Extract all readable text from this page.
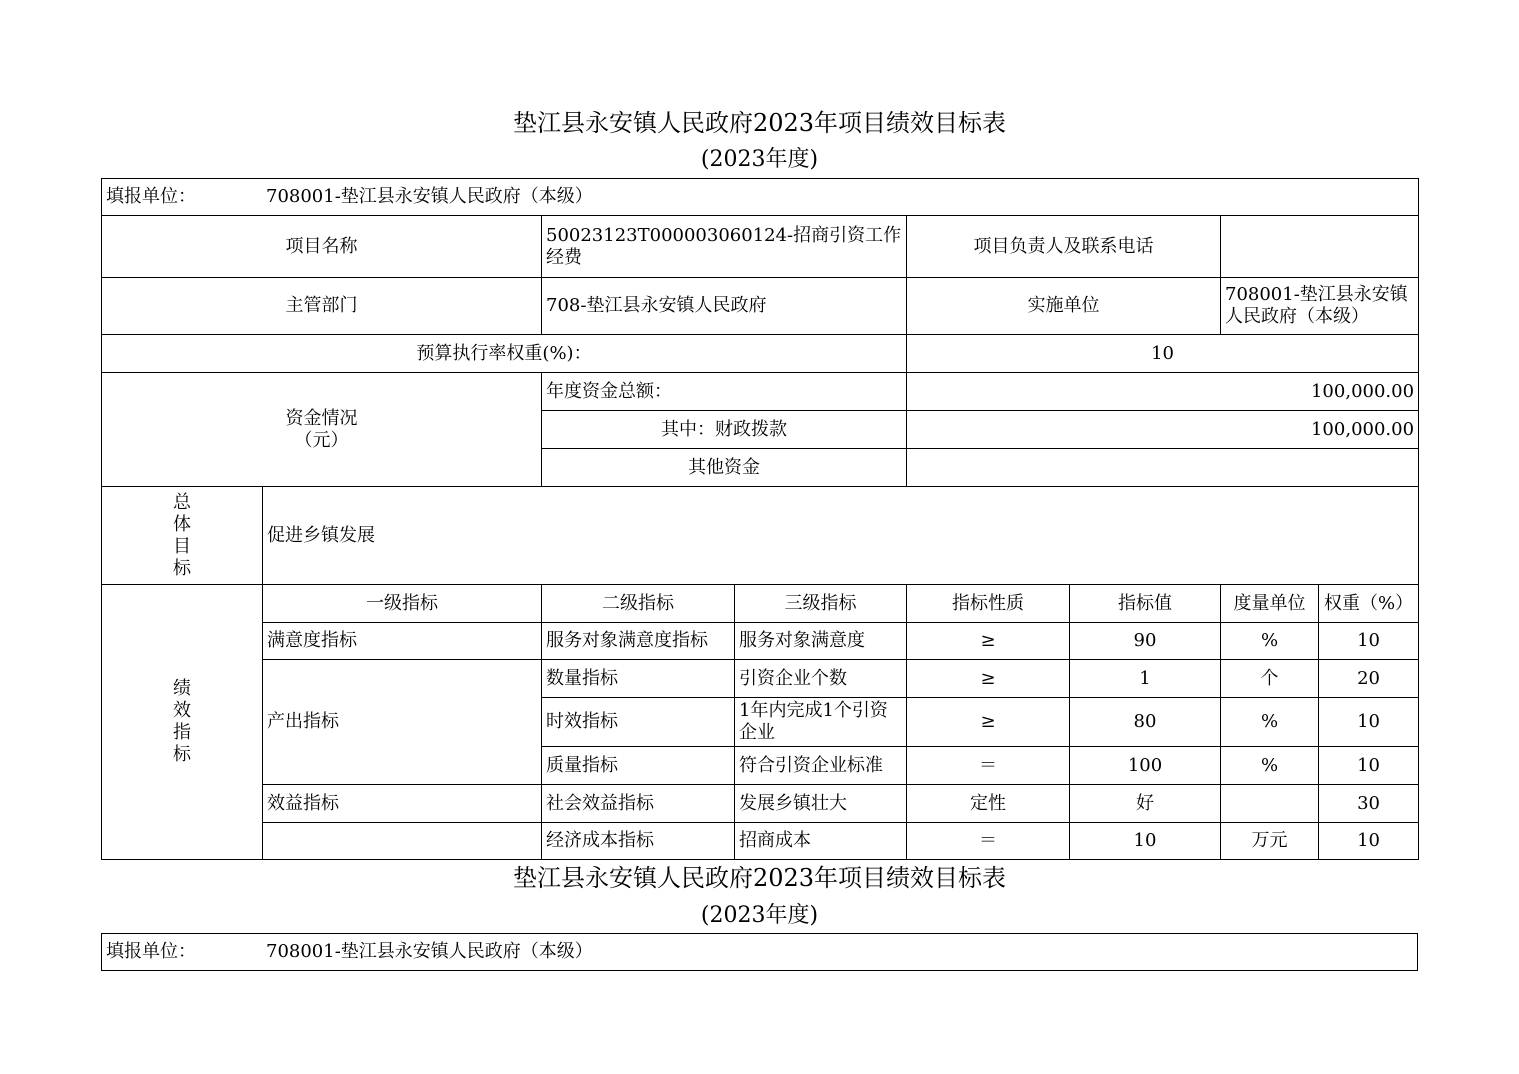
垫江县永安镇人民政府2023年项目绩效目标表
(2023年度)
填报单位： 708001-垫江县永安镇人民政府（本级）							
项目名称		50023123T000003060124-招商引资工作经费		项目负责人及联系电话			
主管部门		708-垫江县永安镇人民政府		实施单位		708001-垫江县永安镇人民政府（本级）	
预算执行率权重(%)：				10			

资金情况
（元）		年度资金总额：		100,000.00			
		其中：财政拨款		100,000.00			
		其他资金					

总
体
目
标	促进乡镇发展						

绩
效
指
标	一级指标	二级指标	三级指标	指标性质	指标值	度量单位	权重（%）
	满意度指标	服务对象满意度指标	服务对象满意度	≥	90	%	10
	产出指标	数量指标	引资企业个数	≥	1	个	20
		时效指标	1年内完成1个引资企业	≥	80	%	10
		质量指标	符合引资企业标准	＝	100	%	10
	效益指标	社会效益指标	发展乡镇壮大	定性	好		30
		经济成本指标	招商成本	＝	10	万元	10
垫江县永安镇人民政府2023年项目绩效目标表
(2023年度)
填报单位：	708001-垫江县永安镇人民政府（本级）
